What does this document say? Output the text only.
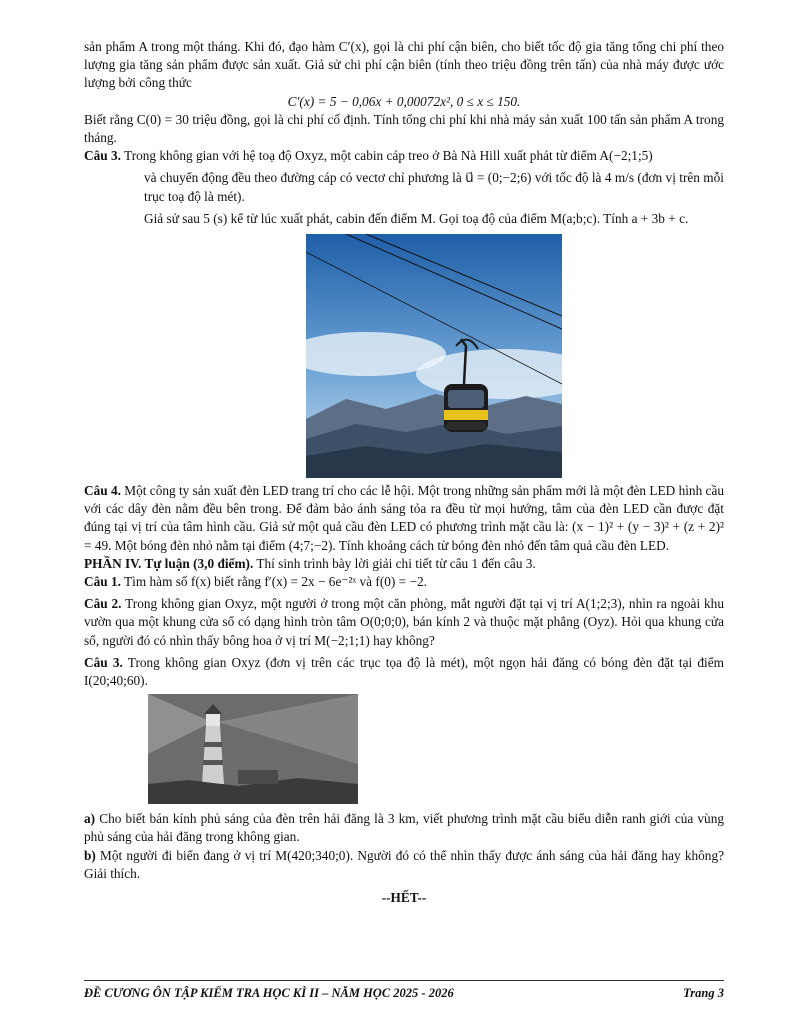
sản phẩm A trong một tháng. Khi đó, đạo hàm C′(x), gọi là chi phí cận biên, cho biết tốc độ gia tăng tổng chi phí theo lượng gia tăng sản phẩm được sản xuất. Giả sử chi phí cận biên (tính theo triệu đồng trên tấn) của nhà máy được ước lượng bởi công thức

C′(x) = 5 − 0,06x + 0,00072x², 0 ≤ x ≤ 150.

Biết rằng C(0) = 30 triệu đồng, gọi là chi phí cố định. Tính tổng chi phí khi nhà máy sản xuất 100 tấn sản phẩm A trong tháng.

Câu 3. Trong không gian với hệ toạ độ Oxyz, một cabin cáp treo ở Bà Nà Hill xuất phát từ điểm A(−2;1;5)

và chuyển động đều theo đường cáp có vectơ chỉ phương là u⃗ = (0;−2;6) với tốc độ là 4 m/s (đơn vị trên mỗi trục toạ độ là mét).

Giả sử sau 5 (s) kể từ lúc xuất phát, cabin đến điểm M. Gọi toạ độ của điểm M(a;b;c). Tính a + 3b + c.

Câu 4. Một công ty sản xuất đèn LED trang trí cho các lễ hội. Một trong những sản phẩm mới là một đèn LED hình cầu với các dây đèn nằm đều bên trong. Để đảm bảo ánh sáng tỏa ra đều từ mọi hướng, tâm của đèn LED cần được đặt đúng tại vị trí của tâm hình cầu. Giả sử một quả cầu đèn LED có phương trình mặt cầu là: (x − 1)² + (y − 3)² + (z + 2)² = 49. Một bóng đèn nhỏ nằm tại điểm (4;7;−2). Tính khoảng cách từ bóng đèn nhỏ đến tâm quả cầu đèn LED.

PHẦN IV. Tự luận (3,0 điểm). Thí sinh trình bày lời giải chi tiết từ câu 1 đến câu 3.

Câu 1. Tìm hàm số f(x) biết rằng f′(x) = 2x − 6e⁻²ˣ và f(0) = −2.

Câu 2. Trong không gian Oxyz, một người ở trong một căn phòng, mắt người đặt tại vị trí A(1;2;3), nhìn ra ngoài khu vườn qua một khung cửa sổ có dạng hình tròn tâm O(0;0;0), bán kính 2 và thuộc mặt phẳng (Oyz). Hỏi qua khung cửa sổ, người đó có nhìn thấy bông hoa ở vị trí M(−2;1;1) hay không?

Câu 3. Trong không gian Oxyz (đơn vị trên các trục tọa độ là mét), một ngọn hải đăng có bóng đèn đặt tại điểm I(20;40;60).

a) Cho biết bán kính phủ sáng của đèn trên hải đăng là 3 km, viết phương trình mặt cầu biểu diễn ranh giới của vùng phủ sáng của hải đăng trong không gian.

b) Một người đi biển đang ở vị trí M(420;340;0). Người đó có thể nhìn thấy được ánh sáng của hải đăng hay không? Giải thích.

--HẾT--

ĐỀ CƯƠNG ÔN TẬP KIỂM TRA HỌC KÌ II – NĂM HỌC 2025 - 2026	Trang 3
